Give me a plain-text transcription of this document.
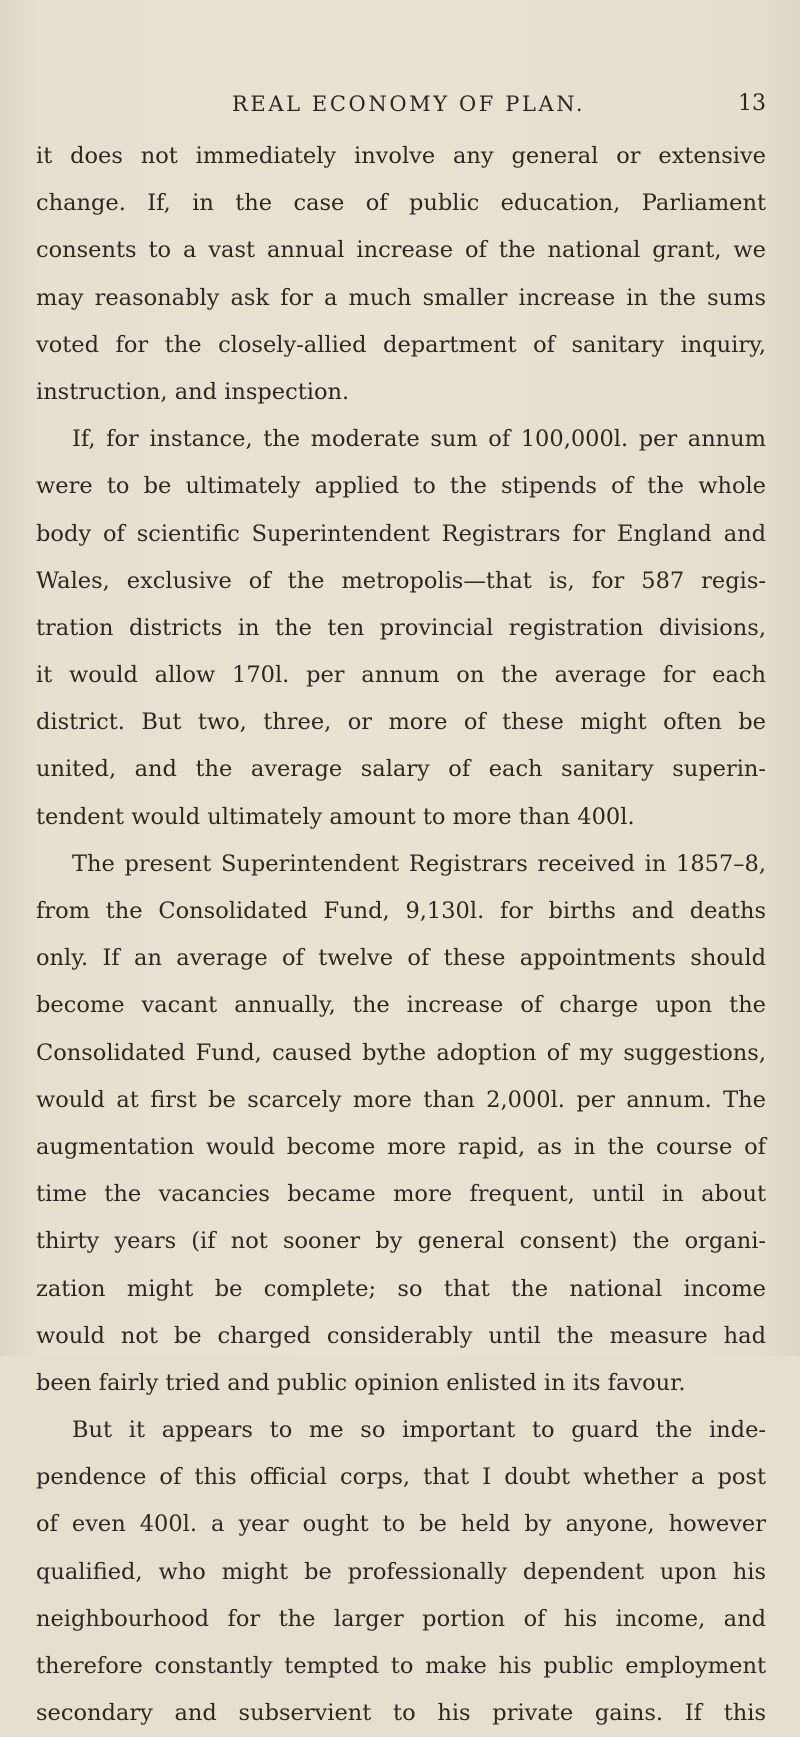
REAL ECONOMY OF PLAN.	13
it does not immediately involve any general or extensive
change. If, in the case of public education, Parliament
consents to a vast annual increase of the national grant, we
may reasonably ask for a much smaller increase in the sums
voted for the closely-allied department of sanitary inquiry,
instruction, and inspection.
If, for instance, the moderate sum of 100,000l. per annum
were to be ultimately applied to the stipends of the whole
body of scientific Superintendent Registrars for England and
Wales, exclusive of the metropolis—that is, for 587 regis-
tration districts in the ten provincial registration divisions,
it would allow 170l. per annum on the average for each
district. But two, three, or more of these might often be
united, and the average salary of each sanitary superin-
tendent would ultimately amount to more than 400l.
The present Superintendent Registrars received in 1857–8,
from the Consolidated Fund, 9,130l. for births and deaths
only. If an average of twelve of these appointments should
become vacant annually, the increase of charge upon the
Consolidated Fund, caused bythe adoption of my suggestions,
would at first be scarcely more than 2,000l. per annum. The
augmentation would become more rapid, as in the course of
time the vacancies became more frequent, until in about
thirty years (if not sooner by general consent) the organi-
zation might be complete; so that the national income
would not be charged considerably until the measure had
been fairly tried and public opinion enlisted in its favour.
But it appears to me so important to guard the inde-
pendence of this official corps, that I doubt whether a post
of even 400l. a year ought to be held by anyone, however
qualified, who might be professionally dependent upon his
neighbourhood for the larger portion of his income, and
therefore constantly tempted to make his public employment
secondary and subservient to his private gains. If this
